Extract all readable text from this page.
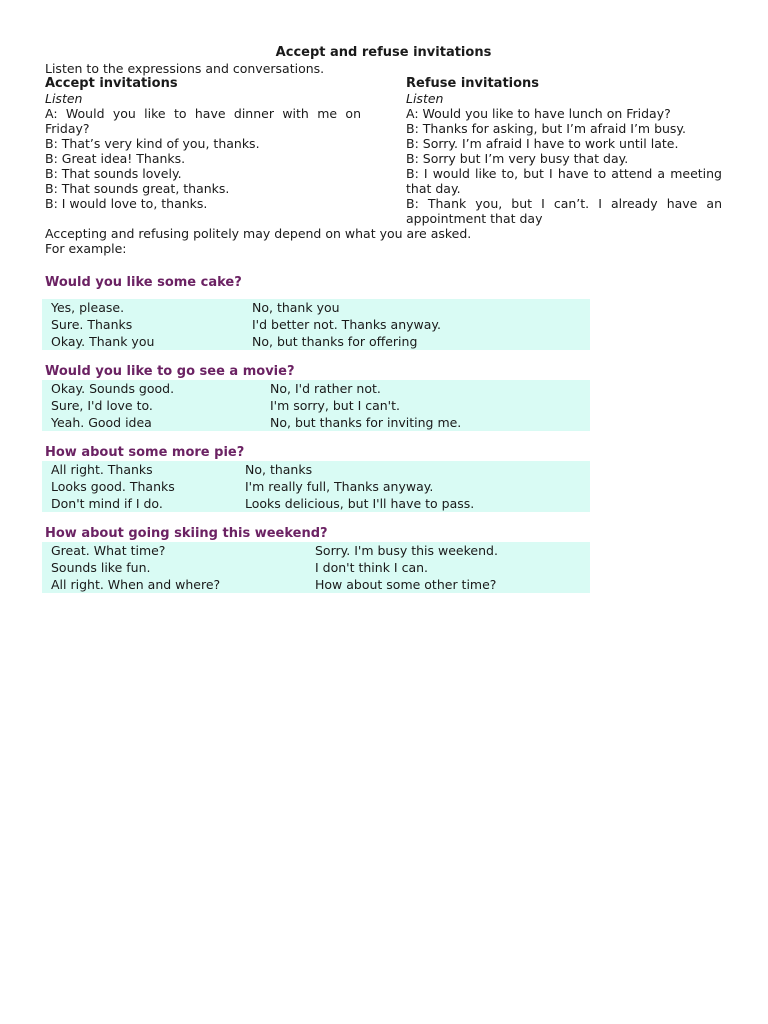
Accept and refuse invitations
Listen to the expressions and conversations.
Accept invitations
Listen
A: Would you like to have dinner with me on Friday?
B: That’s very kind of you, thanks.
B: Great idea! Thanks.
B: That sounds lovely.
B: That sounds great, thanks.
B: I would love to, thanks.
Refuse invitations
Listen
A: Would you like to have lunch on Friday?
B: Thanks for asking, but I’m afraid I’m busy.
B: Sorry. I’m afraid I have to work until late.
B: Sorry but I’m very busy that day.
B: I would like to, but I have to attend a meeting that day.
B: Thank you, but I can’t. I already have an appointment that day
Accepting and refusing politely may depend on what you are asked.
For example:
Would you like some cake?
Yes, please.	No, thank you
Sure. Thanks	I'd better not. Thanks anyway.
Okay. Thank you	No, but thanks for offering
Would you like to go see a movie?
Okay. Sounds good.	No, I'd rather not.
Sure, I'd love to.	I'm sorry, but I can't.
Yeah. Good idea	No, but thanks for inviting me.
How about some more pie?
All right. Thanks	No, thanks
Looks good. Thanks	I'm really full, Thanks anyway.
Don't mind if I do.	Looks delicious, but I'll have to pass.
How about going skiing this weekend?
Great. What time?	Sorry. I'm busy this weekend.
Sounds like fun.	I don't think I can.
All right. When and where?	How about some other time?
